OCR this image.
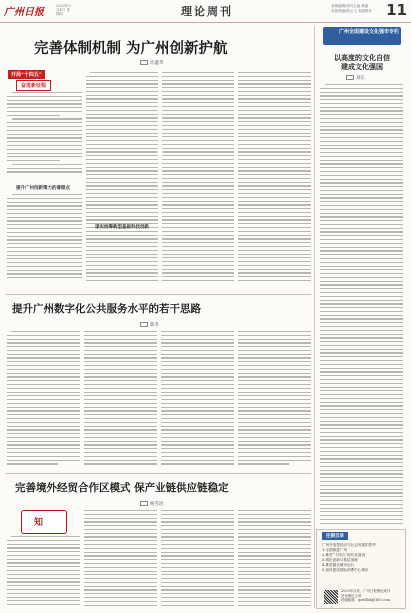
广州日报
2023年5月4日 星期四	理论周刊	本版编辑/周刊主编 黄丽
本版美编/徐云飞 本版校对 11
完善体制机制 为广州创新护航
许鑫华
开局“十四五”
奋进新征程
提升广州创新策力的着眼点
谋实统筹新型基础科技创新
提升广州数字化公共服务水平的若干思路
陈冬
完善境外经贸合作区模式 保产业链供应链稳定
杨雪昆
知
广州全面建设文化强市专栏
以高度的文化自信
建成文化强国
刘正
往期目录
广州开放型经济与社会发展的思考
1.全面推进广州
2.推进“十四五”现代化建设
3.城市更新与基层治理
4.推进健全城市运行
5.加快建设国际消费中心城市
2020年以来，广州日报理论周刊
发布理论文章
投稿邮箱：gzrbllzk@163.com
